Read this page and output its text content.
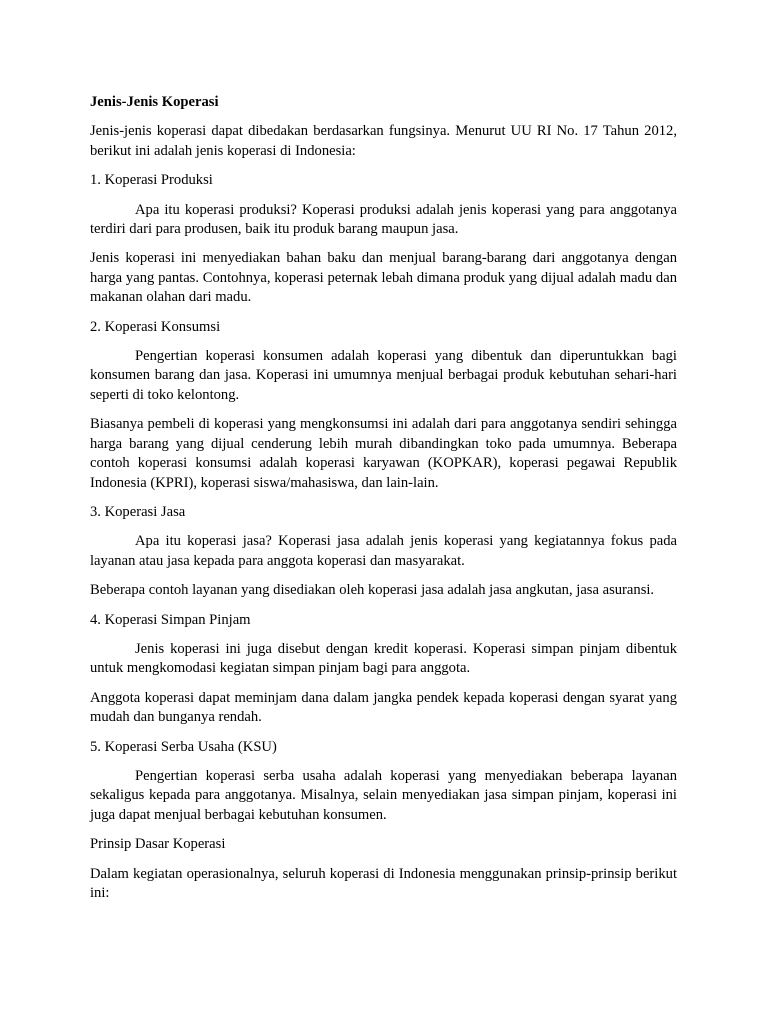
Jenis-Jenis Koperasi

Jenis-jenis koperasi dapat dibedakan berdasarkan fungsinya. Menurut UU RI No. 17 Tahun 2012, berikut ini adalah jenis koperasi di Indonesia:

1. Koperasi Produksi

Apa itu koperasi produksi? Koperasi produksi adalah jenis koperasi yang para anggotanya terdiri dari para produsen, baik itu produk barang maupun jasa.

Jenis koperasi ini menyediakan bahan baku dan menjual barang-barang dari anggotanya dengan harga yang pantas. Contohnya, koperasi peternak lebah dimana produk yang dijual adalah madu dan makanan olahan dari madu.

2. Koperasi Konsumsi

Pengertian koperasi konsumen adalah koperasi yang dibentuk dan diperuntukkan bagi konsumen barang dan jasa. Koperasi ini umumnya menjual berbagai produk kebutuhan sehari-hari seperti di toko kelontong.

Biasanya pembeli di koperasi yang mengkonsumsi ini adalah dari para anggotanya sendiri sehingga harga barang yang dijual cenderung lebih murah dibandingkan toko pada umumnya. Beberapa contoh koperasi konsumsi adalah koperasi karyawan (KOPKAR), koperasi pegawai Republik Indonesia (KPRI), koperasi siswa/mahasiswa, dan lain-lain.

3. Koperasi Jasa

Apa itu koperasi jasa? Koperasi jasa adalah jenis koperasi yang kegiatannya fokus pada layanan atau jasa kepada para anggota koperasi dan masyarakat.

Beberapa contoh layanan yang disediakan oleh koperasi jasa adalah jasa angkutan, jasa asuransi.

4. Koperasi Simpan Pinjam

Jenis koperasi ini juga disebut dengan kredit koperasi. Koperasi simpan pinjam dibentuk untuk mengkomodasi kegiatan simpan pinjam bagi para anggota.

Anggota koperasi dapat meminjam dana dalam jangka pendek kepada koperasi dengan syarat yang mudah dan bunganya rendah.

5. Koperasi Serba Usaha (KSU)

Pengertian koperasi serba usaha adalah koperasi yang menyediakan beberapa layanan sekaligus kepada para anggotanya. Misalnya, selain menyediakan jasa simpan pinjam, koperasi ini juga dapat menjual berbagai kebutuhan konsumen.

Prinsip Dasar Koperasi

Dalam kegiatan operasionalnya, seluruh koperasi di Indonesia menggunakan prinsip-prinsip berikut ini:
